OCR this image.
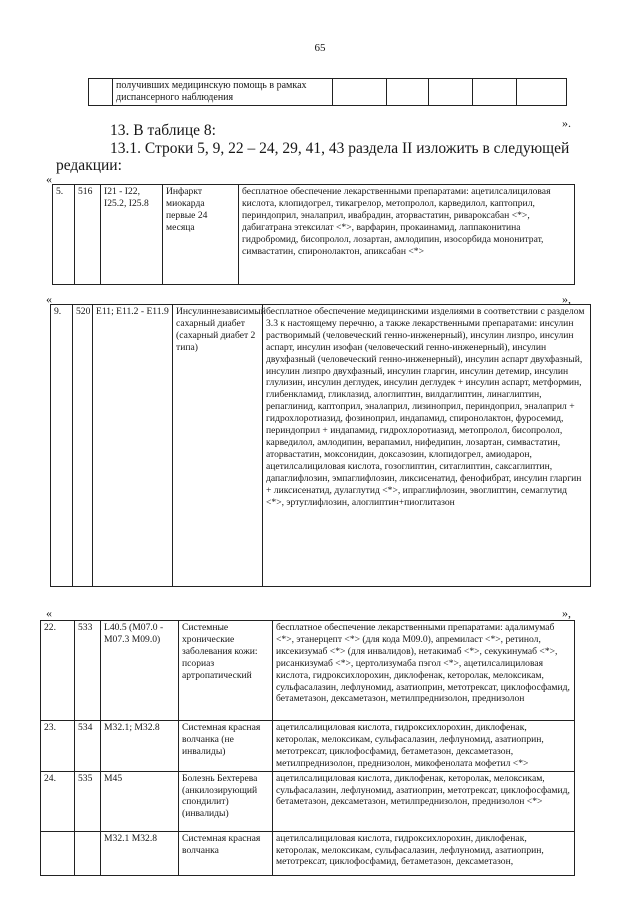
65
	получивших медицинскую помощь в рамках диспансерного наблюдения					
».
13. В таблице 8:
13.1. Строки 5, 9, 22 – 24, 29, 41, 43 раздела II изложить в следующей редакции:
«
5.	516	I21 - I22, I25.2, I25.8	Инфаркт миокарда первые 24 месяца	бесплатное обеспечение лекарственными препаратами: ацетилсалициловая кислота, клопидогрел, тикагрелор, метопролол, карведилол, каптоприл, периндоприл, эналаприл, ивабрадин, аторвастатин, ривароксабан <*>, дабигатрана этексилат <*>, варфарин, прокаинамид, лаппаконитина гидробромид, бисопролол, лозартан, амлодипин, изосорбида мононитрат, симвастатин, спиронолактон, апиксабан <*>
«	»,
9.	520	E11; E11.2 - E11.9	Инсулиннезависимый сахарный диабет (сахарный диабет 2 типа)	бесплатное обеспечение медицинскими изделиями в соответствии с разделом 3.3 к настоящему перечню, а также лекарственными препаратами: инсулин растворимый (человеческий генно-инженерный), инсулин лизпро, инсулин аспарт, инсулин изофан (человеческий генно-инженерный), инсулин двухфазный (человеческий генно-инженерный), инсулин аспарт двухфазный, инсулин лизпро двухфазный, инсулин гларгин, инсулин детемир, инсулин глулизин, инсулин деглудек, инсулин деглудек + инсулин аспарт, метформин, глибенкламид, гликлазид, алоглиптин, вилдаглиптин, линаглиптин, репаглинид, каптоприл, эналаприл, лизиноприл, периндоприл, эналаприл + гидрохлоротиазид, фозиноприл, индапамид, спиронолактон, фуросемид, периндоприл + индапамид, гидрохлоротиазид, метопролол, бисопролол, карведилол, амлодипин, верапамил, нифедипин, лозартан, симвастатин, аторвастатин, моксонидин, доксазозин, клопидогрел, амиодарон, ацетилсалициловая кислота, гозоглиптин, ситаглиптин, саксаглиптин, дапаглифлозин, эмпаглифлозин, ликсисенатид, фенофибрат, инсулин гларгин + ликсисенатид, дулаглутид <*>, ипраглифлозин, эвоглиптин, семаглутид <*>, эртуглифлозин, алоглиптин+пиоглитазон
«	»,
22.	533	L40.5 (M07.0 - M07.3 M09.0)	Системные хронические заболевания кожи: псориаз артропатический	бесплатное обеспечение лекарственными препаратами: адалимумаб <*>, этанерцепт <*> (для кода M09.0), апремиласт <*>, ретинол, иксекизумаб <*> (для инвалидов), нетакимаб <*>, секукинумаб <*>, рисанкизумаб <*>, цертолизумаба пэгол <*>, ацетилсалициловая кислота, гидроксихлорохин, диклофенак, кеторолак, мелоксикам, сульфасалазин, лефлуномид, азатиоприн, метотрексат, циклофосфамид, бетаметазон, дексаметазон, метилпреднизолон, преднизолон
23.	534	M32.1; M32.8	Системная красная волчанка (не инвалиды)	ацетилсалициловая кислота, гидроксихлорохин, диклофенак, кеторолак, мелоксикам, сульфасалазин, лефлуномид, азатиоприн, метотрексат, циклофосфамид, бетаметазон, дексаметазон, метилпреднизолон, преднизолон, микофенолата мофетил <*>
24.	535	M45	Болезнь Бехтерева (анкилозирующий спондилит) (инвалиды)	ацетилсалициловая кислота, диклофенак, кеторолак, мелоксикам, сульфасалазин, лефлуномид, азатиоприн, метотрексат, циклофосфамид, бетаметазон, дексаметазон, метилпреднизолон, преднизолон <*>
		M32.1 M32.8	Системная красная волчанка	ацетилсалициловая кислота, гидроксихлорохин, диклофенак, кеторолак, мелоксикам, сульфасалазин, лефлуномид, азатиоприн, метотрексат, циклофосфамид, бетаметазон, дексаметазон,
